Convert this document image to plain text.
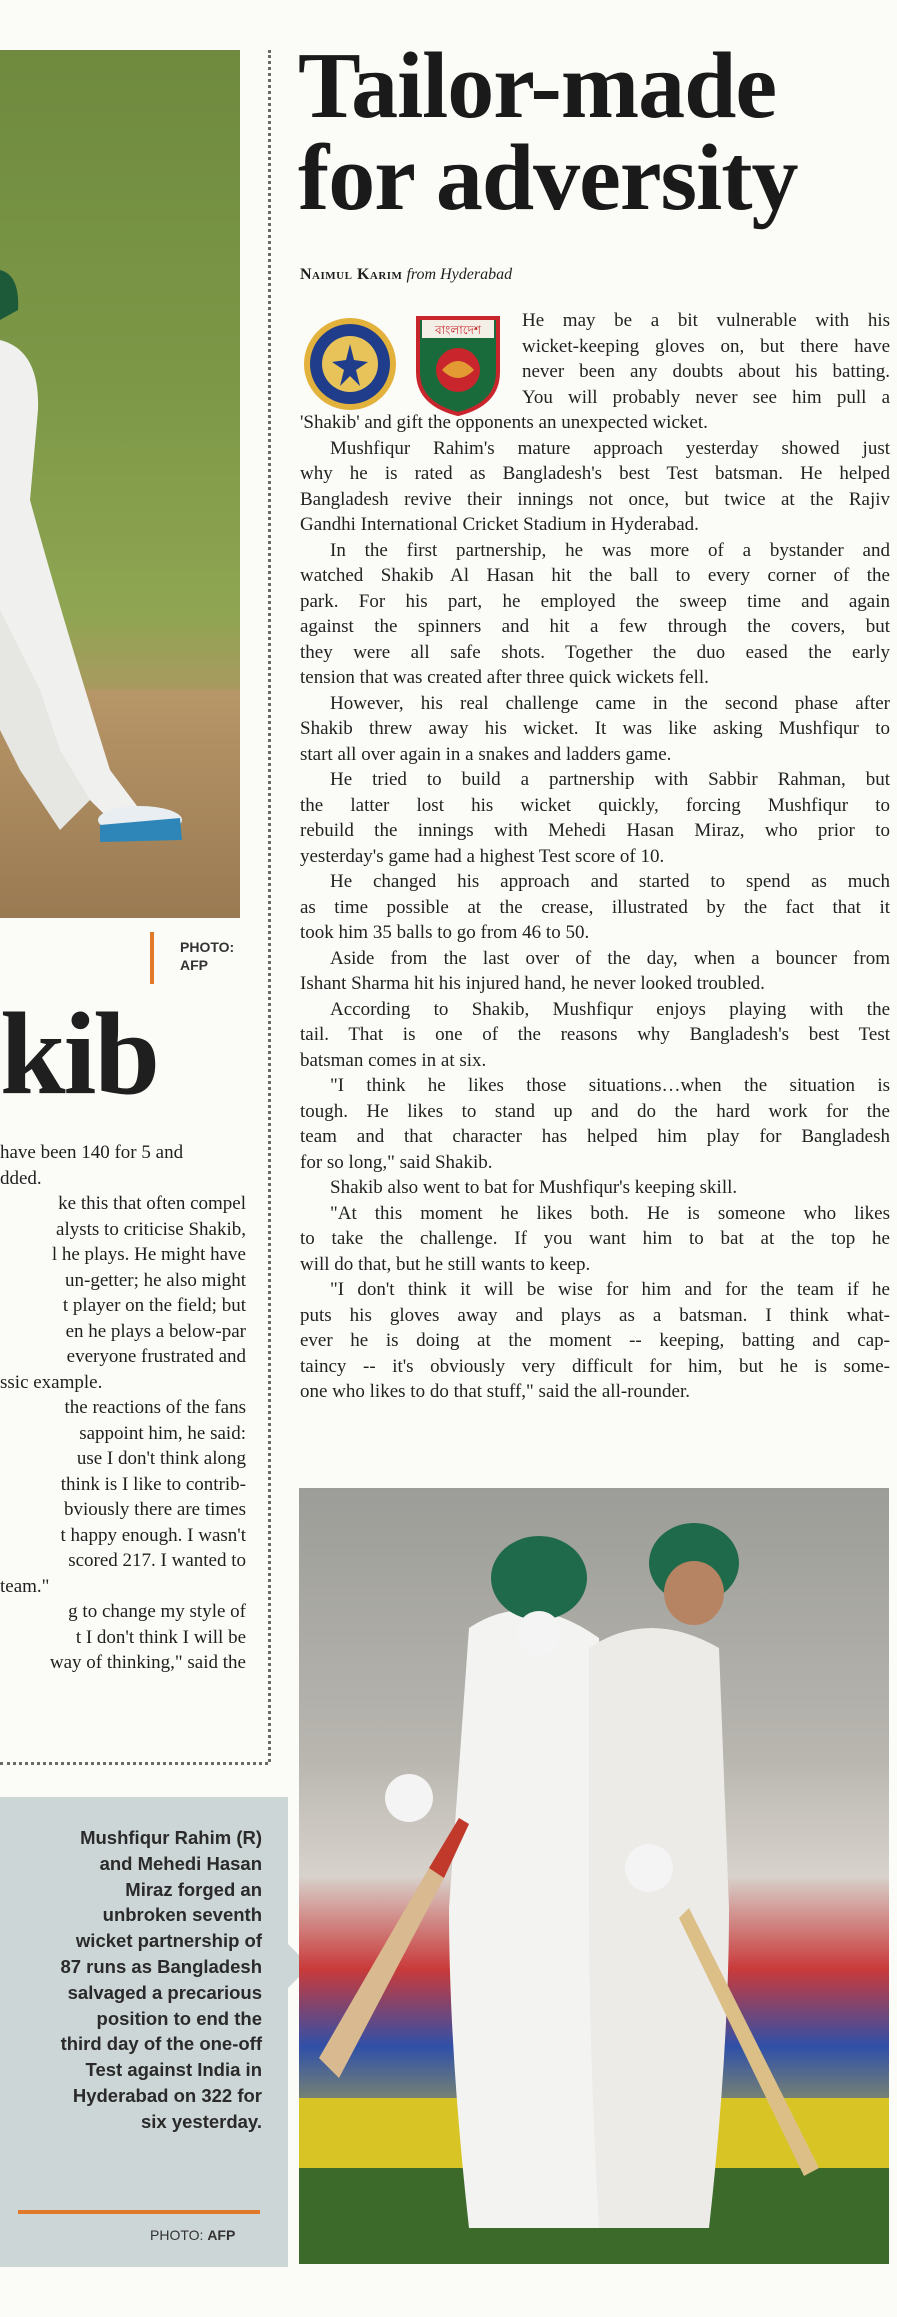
PHOTO:
AFP
kib
have been 140 for 5 and
dded.
ke this that often compel
alysts to criticise Shakib,
l he plays. He might have
un-getter; he also might
t player on the field; but
en he plays a below-par
everyone frustrated and
ssic example.
the reactions of the fans
sappoint him, he said:
use I don't think along
think is I like to contrib-
bviously there are times
t happy enough. I wasn't
scored 217. I wanted to
team."
g to change my style of
t I don't think I will be
way of thinking," said the
Mushfiqur Rahim (R)
and Mehedi Hasan
Miraz forged an
unbroken seventh
wicket partnership of
87 runs as Bangladesh
salvaged a precarious
position to end the
third day of the one-off
Test against India in
Hyderabad on 322 for
six yesterday.
PHOTO: AFP
Tailor-made
for adversity
Naimul Karim from Hyderabad
বাংলাদেশ He may be a bit vulnerable with his
wicket-keeping gloves on, but there have
never been any doubts about his batting.
You will probably never see him pull a
'Shakib' and gift the opponents an unexpected wicket.
Mushfiqur Rahim's mature approach yesterday showed just
why he is rated as Bangladesh's best Test batsman. He helped
Bangladesh revive their innings not once, but twice at the Rajiv
Gandhi International Cricket Stadium in Hyderabad.
In the first partnership, he was more of a bystander and
watched Shakib Al Hasan hit the ball to every corner of the
park. For his part, he employed the sweep time and again
against the spinners and hit a few through the covers, but
they were all safe shots. Together the duo eased the early
tension that was created after three quick wickets fell.
However, his real challenge came in the second phase after
Shakib threw away his wicket. It was like asking Mushfiqur to
start all over again in a snakes and ladders game.
He tried to build a partnership with Sabbir Rahman, but
the latter lost his wicket quickly, forcing Mushfiqur to
rebuild the innings with Mehedi Hasan Miraz, who prior to
yesterday's game had a highest Test score of 10.
He changed his approach and started to spend as much
as time possible at the crease, illustrated by the fact that it
took him 35 balls to go from 46 to 50.
Aside from the last over of the day, when a bouncer from
Ishant Sharma hit his injured hand, he never looked troubled.
According to Shakib, Mushfiqur enjoys playing with the
tail. That is one of the reasons why Bangladesh's best Test
batsman comes in at six.
"I think he likes those situations…when the situation is
tough. He likes to stand up and do the hard work for the
team and that character has helped him play for Bangladesh
for so long," said Shakib.
Shakib also went to bat for Mushfiqur's keeping skill.
"At this moment he likes both. He is someone who likes
to take the challenge. If you want him to bat at the top he
will do that, but he still wants to keep.
"I don't think it will be wise for him and for the team if he
puts his gloves away and plays as a batsman. I think what-
ever he is doing at the moment -- keeping, batting and cap-
taincy -- it's obviously very difficult for him, but he is some-
one who likes to do that stuff," said the all-rounder.
